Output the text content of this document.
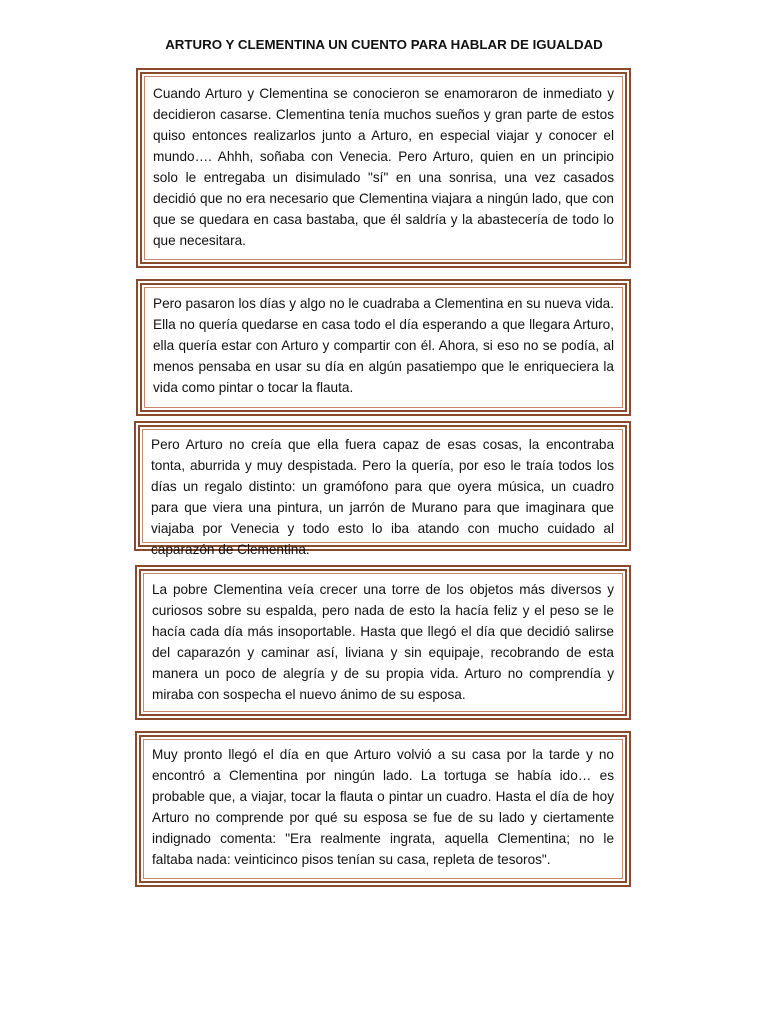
ARTURO Y CLEMENTINA UN CUENTO PARA HABLAR DE IGUALDAD

Cuando Arturo y Clementina se conocieron se enamoraron de inmediato y decidieron casarse. Clementina tenía muchos sueños y gran parte de estos quiso entonces realizarlos junto a Arturo, en especial viajar y conocer el mundo…. Ahhh, soñaba con Venecia. Pero Arturo, quien en un principio solo le entregaba un disimulado "sí" en una sonrisa, una vez casados decidió que no era necesario que Clementina viajara a ningún lado, que con que se quedara en casa bastaba, que él saldría y la abastecería de todo lo que necesitara.

Pero pasaron los días y algo no le cuadraba a Clementina en su nueva vida. Ella no quería quedarse en casa todo el día esperando a que llegara Arturo, ella quería estar con Arturo y compartir con él. Ahora, si eso no se podía, al menos pensaba en usar su día en algún pasatiempo que le enriqueciera la vida como pintar o tocar la flauta.

Pero Arturo no creía que ella fuera capaz de esas cosas, la encontraba tonta, aburrida y muy despistada. Pero la quería, por eso le traía todos los días un regalo distinto: un gramófono para que oyera música, un cuadro para que viera una pintura, un jarrón de Murano para que imaginara que viajaba por Venecia y todo esto lo iba atando con mucho cuidado al caparazón de Clementina.

La pobre Clementina veía crecer una torre de los objetos más diversos y curiosos sobre su espalda, pero nada de esto la hacía feliz y el peso se le hacía cada día más insoportable. Hasta que llegó el día que decidió salirse del caparazón y caminar así, liviana y sin equipaje, recobrando de esta manera un poco de alegría y de su propia vida. Arturo no comprendía y miraba con sospecha el nuevo ánimo de su esposa.

Muy pronto llegó el día en que Arturo volvió a su casa por la tarde y no encontró a Clementina por ningún lado. La tortuga se había ido… es probable que, a viajar, tocar la flauta o pintar un cuadro. Hasta el día de hoy Arturo no comprende por qué su esposa se fue de su lado y ciertamente indignado comenta: "Era realmente ingrata, aquella Clementina; no le faltaba nada: veinticinco pisos tenían su casa, repleta de tesoros".
